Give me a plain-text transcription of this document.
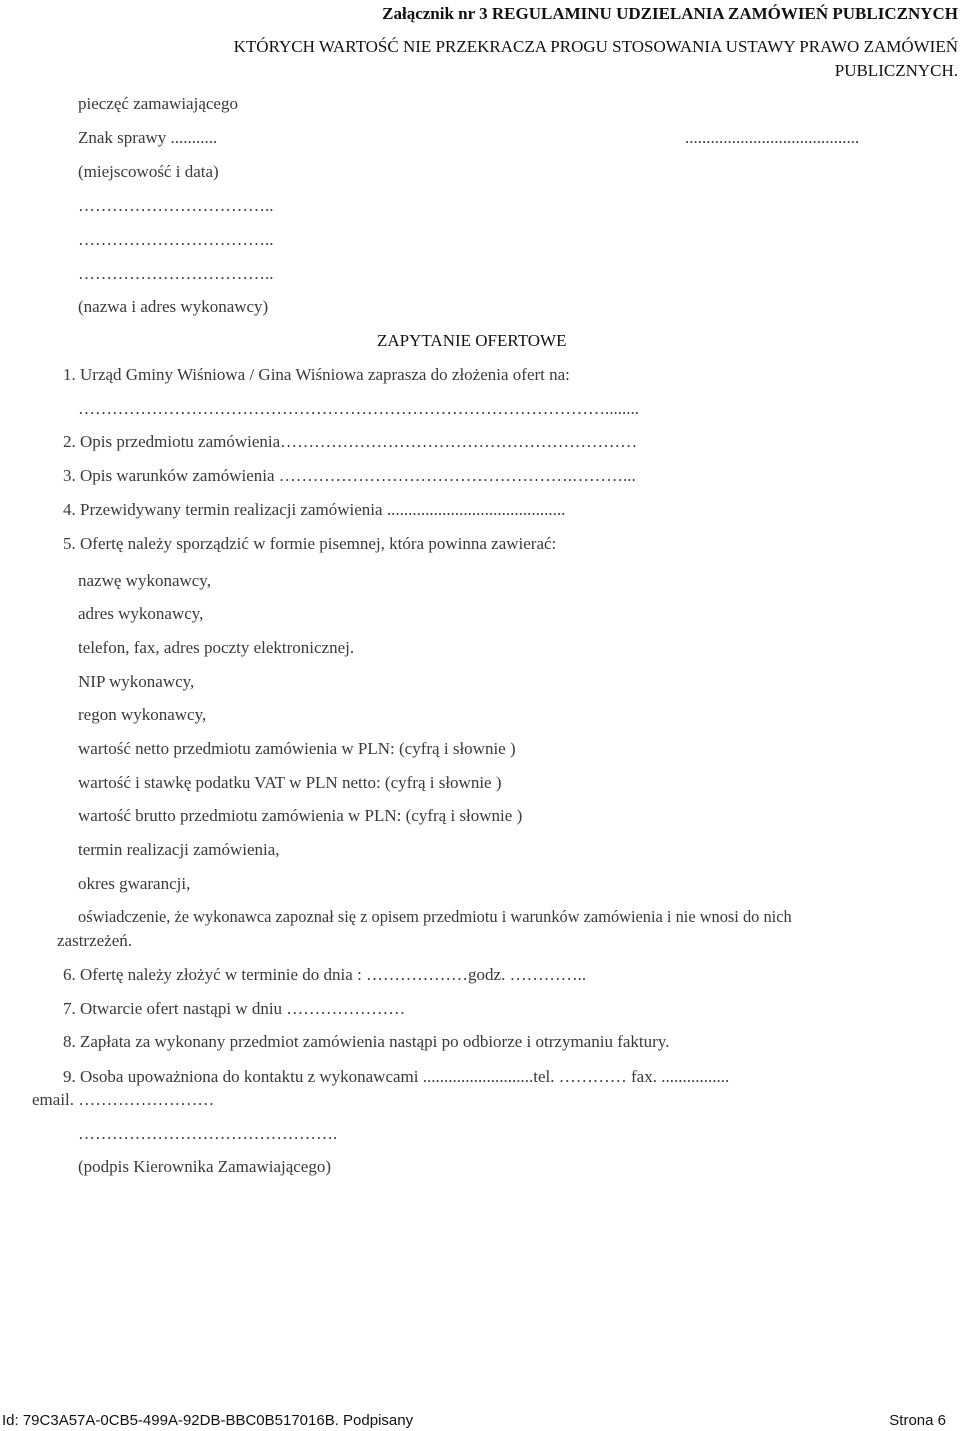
Załącznik nr 3 REGULAMINU UDZIELANIA ZAMÓWIEŃ PUBLICZNYCH
KTÓRYCH WARTOŚĆ NIE PRZEKRACZA PROGU STOSOWANIA USTAWY PRAWO ZAMÓWIEŃ
PUBLICZNYCH.
pieczęć zamawiającego
Znak sprawy ...........	.........................................
(miejscowość i data)
……………………………..
……………………………..
……………………………..
(nazwa i adres wykonawcy)
ZAPYTANIE OFERTOWE
1. Urząd Gminy Wiśniowa / Gina Wiśniowa zaprasza do złożenia ofert na:
…………………………………………………………………………………........
2. Opis przedmiotu zamówienia………………………………………………………
3. Opis warunków zamówienia …………………………………………….………...
4. Przewidywany termin realizacji zamówienia ..........................................
5. Ofertę należy sporządzić w formie pisemnej, która powinna zawierać:
nazwę wykonawcy,
adres wykonawcy,
telefon, fax, adres poczty elektronicznej.
NIP wykonawcy,
regon wykonawcy,
wartość netto przedmiotu zamówienia w PLN: (cyfrą i słownie )
wartość i stawkę podatku VAT w PLN netto: (cyfrą i słownie )
wartość brutto przedmiotu zamówienia w PLN: (cyfrą i słownie )
termin realizacji zamówienia,
okres gwarancji,
oświadczenie, że wykonawca zapoznał się z opisem przedmiotu i warunków zamówienia i nie wnosi do nich
zastrzeżeń.
6. Ofertę należy złożyć w terminie do dnia : ………………godz. …………..
7. Otwarcie ofert nastąpi w dniu …………………
8. Zapłata za wykonany przedmiot zamówienia nastąpi po odbiorze i otrzymaniu faktury.
9. Osoba upoważniona do kontaktu z wykonawcami ..........................tel. ………… fax. ................
email. ……………………
……………………………………….
(podpis Kierownika Zamawiającego)
Id: 79C3A57A-0CB5-499A-92DB-BBC0B517016B. Podpisany	Strona 6
